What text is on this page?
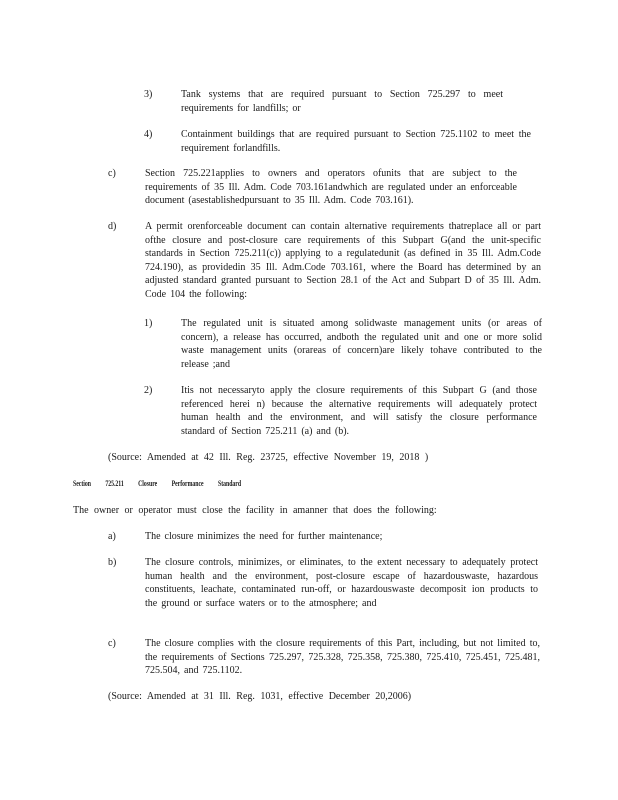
3)	Tank systems that are required pursuant to Section 725.297 to meet requirements for landfills; or

4)	Containment buildings that are required pursuant to Section 725.1102 to meet the requirement forlandfills.

c)	Section 725.221applies to owners and operators ofunits that are subject to the requirements of 35 Ill. Adm. Code 703.161andwhich are regulated under an enforceable document (asestablishedpursuant to 35 Ill. Adm. Code 703.161).

d)	A permit orenforceable document can contain alternative requirements thatreplace all or part ofthe closure and post-closure care requirements of this Subpart G(and the unit-specific standards in Section 725.211(c)) applying to a regulatedunit (as defined in 35 Ill. Adm.Code 724.190), as providedin 35 Ill. Adm.Code 703.161, where the Board has determined by an adjusted standard granted pursuant to Section 28.1 of the Act and Subpart D of 35 Ill. Adm. Code 104 the following:

1)	The regulated unit is situated among solidwaste management units (or areas of concern), a release has occurred, andboth the regulated unit and one or more solid waste management units (orareas of concern)are likely tohave contributed to the release ;and

2)	Itis not necessaryto apply the closure requirements of this Subpart G (and those referenced herei n) because the alternative requirements will adequately protect human health and the environment, and will satisfy the closure performance standard of Section 725.211 (a) and (b).

(Source: Amended at 42 Ill. Reg. 23725, effective November 19, 2018 )

Section 725.211 Closure Performance Standard

The owner or operator must close the facility in amanner that does the following:

a)	The closure minimizes the need for further maintenance;

b)	The closure controls, minimizes, or eliminates, to the extent necessary to adequately protect human health and the environment, post-closure escape of hazardouswaste, hazardous constituents, leachate, contaminated run-off, or hazardouswaste decomposit ion products to the ground or surface waters or to the atmosphere; and

c)	The closure complies with the closure requirements of this Part, including, but not limited to, the requirements of Sections 725.297, 725.328, 725.358, 725.380, 725.410, 725.451, 725.481, 725.504, and 725.1102.

(Source: Amended at 31 Ill. Reg. 1031, effective December 20,2006)
